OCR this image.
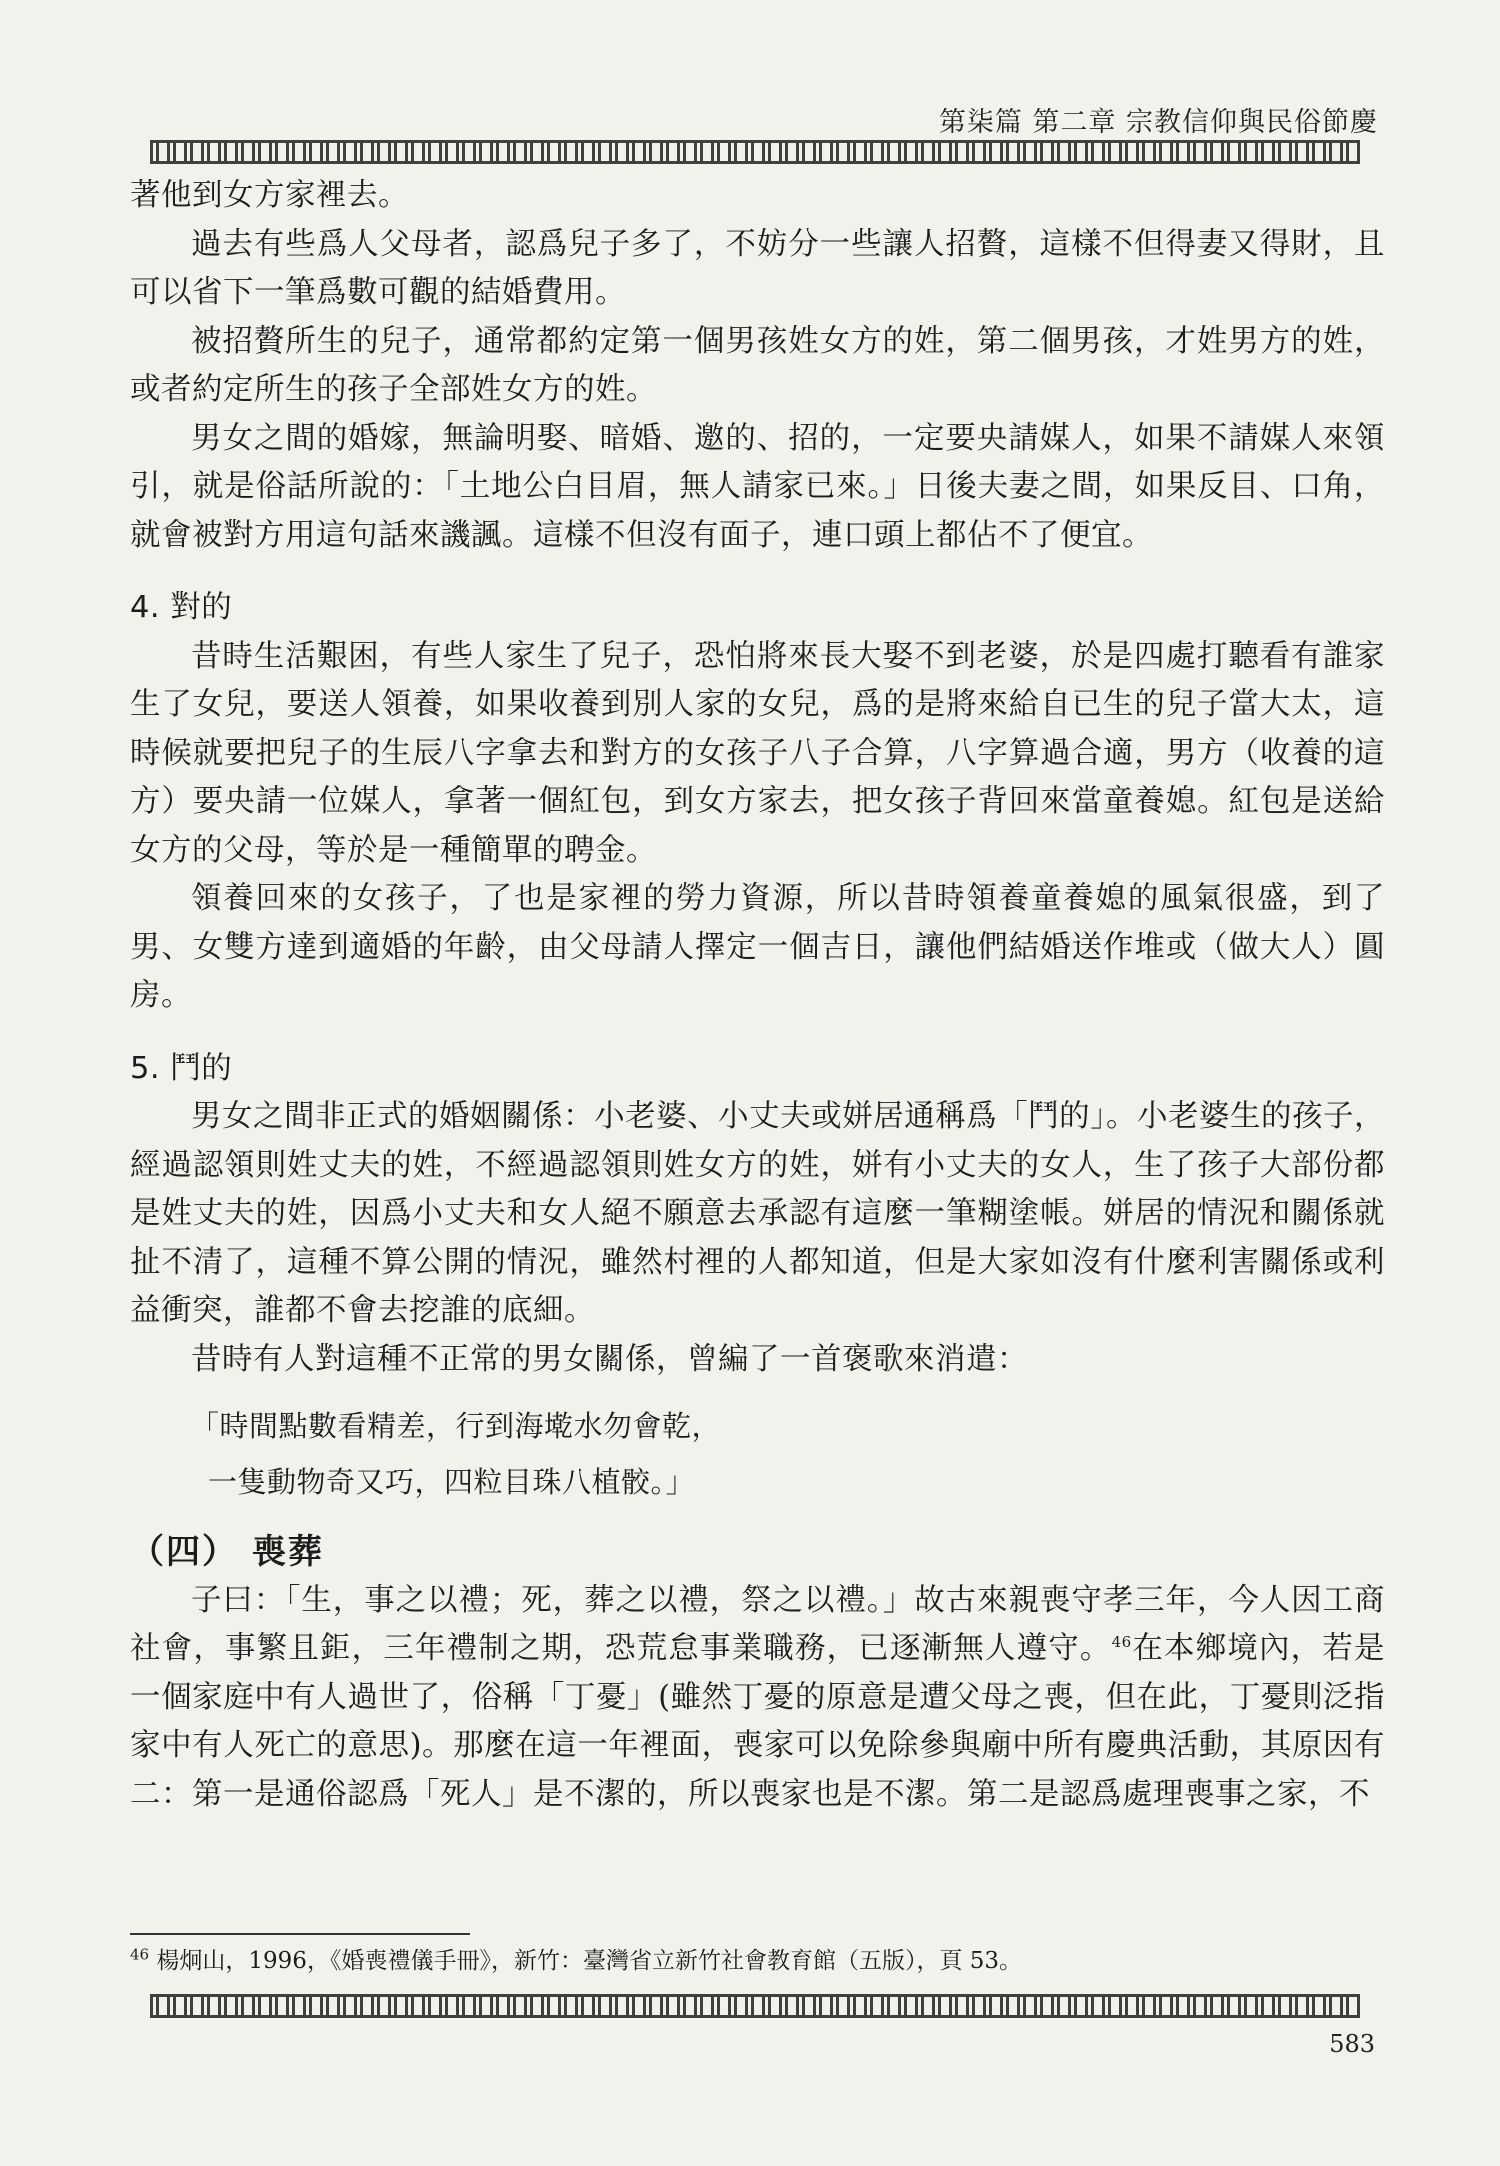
第柒篇 第二章 宗教信仰與民俗節慶

著他到女方家裡去。

過去有些爲人父母者，認爲兒子多了，不妨分一些讓人招贅，這樣不但得妻又得財，且可以省下一筆爲數可觀的結婚費用。

被招贅所生的兒子，通常都約定第一個男孩姓女方的姓，第二個男孩，才姓男方的姓，或者約定所生的孩子全部姓女方的姓。

男女之間的婚嫁，無論明娶、暗婚、邀的、招的，一定要央請媒人，如果不請媒人來領引，就是俗話所說的：「土地公白目眉，無人請家已來。」日後夫妻之間，如果反目、口角，就會被對方用這句話來譏諷。這樣不但沒有面子，連口頭上都佔不了便宜。

4. 對的

昔時生活艱困，有些人家生了兒子，恐怕將來長大娶不到老婆，於是四處打聽看有誰家生了女兒，要送人領養，如果收養到別人家的女兒，爲的是將來給自已生的兒子當大太，這時候就要把兒子的生辰八字拿去和對方的女孩子八子合算，八字算過合適，男方（收養的這方）要央請一位媒人，拿著一個紅包，到女方家去，把女孩子背回來當童養媳。紅包是送給女方的父母，等於是一種簡單的聘金。

領養回來的女孩子，了也是家裡的勞力資源，所以昔時領養童養媳的風氣很盛，到了男、女雙方達到適婚的年齡，由父母請人擇定一個吉日，讓他們結婚送作堆或（做大人）圓房。

5. 鬥的

男女之間非正式的婚姻關係：小老婆、小丈夫或姘居通稱爲「鬥的」。小老婆生的孩子，經過認領則姓丈夫的姓，不經過認領則姓女方的姓，姘有小丈夫的女人，生了孩子大部份都是姓丈夫的姓，因爲小丈夫和女人絕不願意去承認有這麼一筆糊塗帳。姘居的情況和關係就扯不清了，這種不算公開的情況，雖然村裡的人都知道，但是大家如沒有什麼利害關係或利益衝突，誰都不會去挖誰的底細。

昔時有人對這種不正常的男女關係，曾編了一首褒歌來消遣：

「時間點數看精差，行到海墘水勿會乾，
一隻動物奇又巧，四粒目珠八植骹。」

（四） 喪葬

子曰：「生，事之以禮；死，葬之以禮，祭之以禮。」故古來親喪守孝三年，今人因工商社會，事繁且鉅，三年禮制之期，恐荒怠事業職務，已逐漸無人遵守。$^{46}$在本鄉境內，若是一個家庭中有人過世了，俗稱「丁憂」(雖然丁憂的原意是遭父母之喪，但在此，丁憂則泛指家中有人死亡的意思)。那麼在這一年裡面，喪家可以免除參與廟中所有慶典活動，其原因有二：第一是通俗認爲「死人」是不潔的，所以喪家也是不潔。第二是認爲處理喪事之家，不

$^{46}$ 楊炯山，1996，《婚喪禮儀手冊》，新竹：臺灣省立新竹社會教育館（五版），頁 53。
583
